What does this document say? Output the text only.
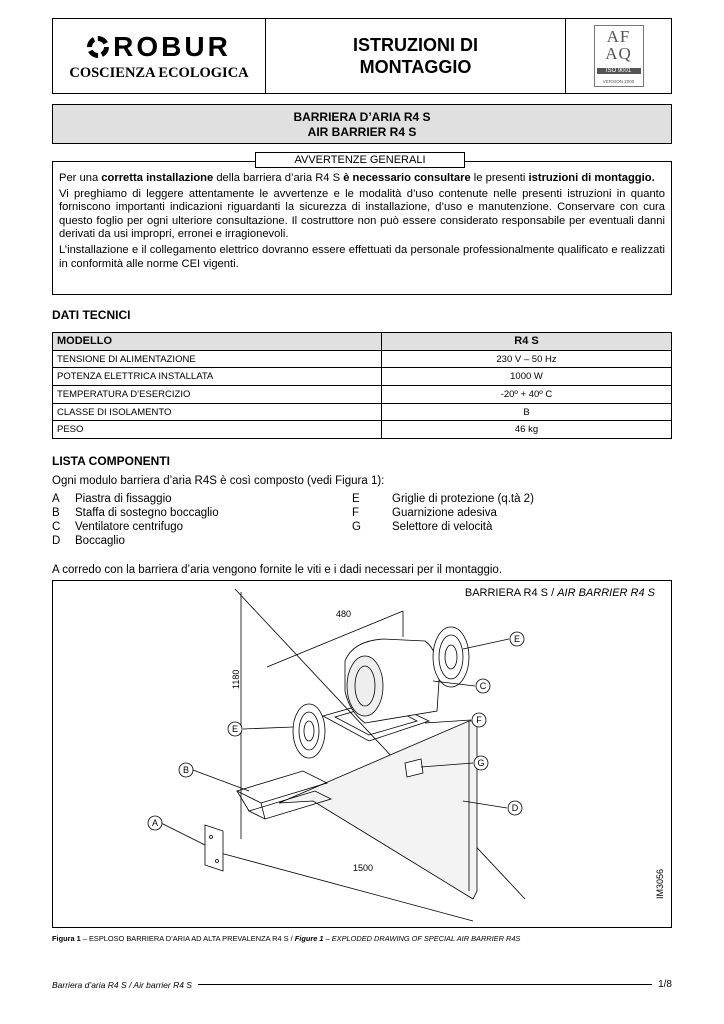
ROBUR
COSCIENZA ECOLOGICA
ISTRUZIONI DI
MONTAGGIO
AF AQ
ISO 9001
VERSION 2000
BARRIERA D’ARIA R4 S
AIR BARRIER R4 S

Per una corretta installazione della barriera d’aria R4 S è necessario consultare le presenti istruzioni di montaggio.

Vi preghiamo di leggere attentamente le avvertenze e le modalità d’uso contenute nelle presenti istruzioni in quanto forniscono importanti indicazioni riguardanti la sicurezza di installazione, d’uso e manutenzione. Conservare con cura questo foglio per ogni ulteriore consultazione. Il costruttore non può essere considerato responsabile per eventuali danni derivati da usi impropri, erronei e irragionevoli.

L’installazione e il collegamento elettrico dovranno essere effettuati da personale professionalmente qualificato e realizzati in conformità alle norme CEI vigenti.

AVVERTENZE GENERALI
DATI TECNICI
MODELLO	R4 S
TENSIONE DI ALIMENTAZIONE	230 V – 50 Hz
POTENZA ELETTRICA INSTALLATA	1000 W
TEMPERATURA D’ESERCIZIO	-20º + 40º C
CLASSE DI ISOLAMENTO	B
PESO	46 kg
LISTA COMPONENTI
Ogni modulo barriera d’aria R4S è così composto (vedi Figura 1):
A	Piastra di fissaggio
B	Staffa di sostegno boccaglio
C	Ventilatore centrifugo
D	Boccaglio
E	Griglie di protezione (q.tà 2)
F	Guarnizione adesiva
G	Selettore di velocità
A corredo con la barriera d’aria vengono fornite le viti e i dadi necessari per il montaggio.
BARRIERA R4 S / AIR BARRIER R4 S
A
B
C
D
E
E
F
G
480
1180
1500
IM3056
Figura 1 – ESPLOSO BARRIERA D’ARIA AD ALTA PREVALENZA R4 S / Figure 1 – EXPLODED DRAWING OF SPECIAL AIR BARRIER R4S
Barriera d’aria R4 S / Air barrier R4 S	1/8
